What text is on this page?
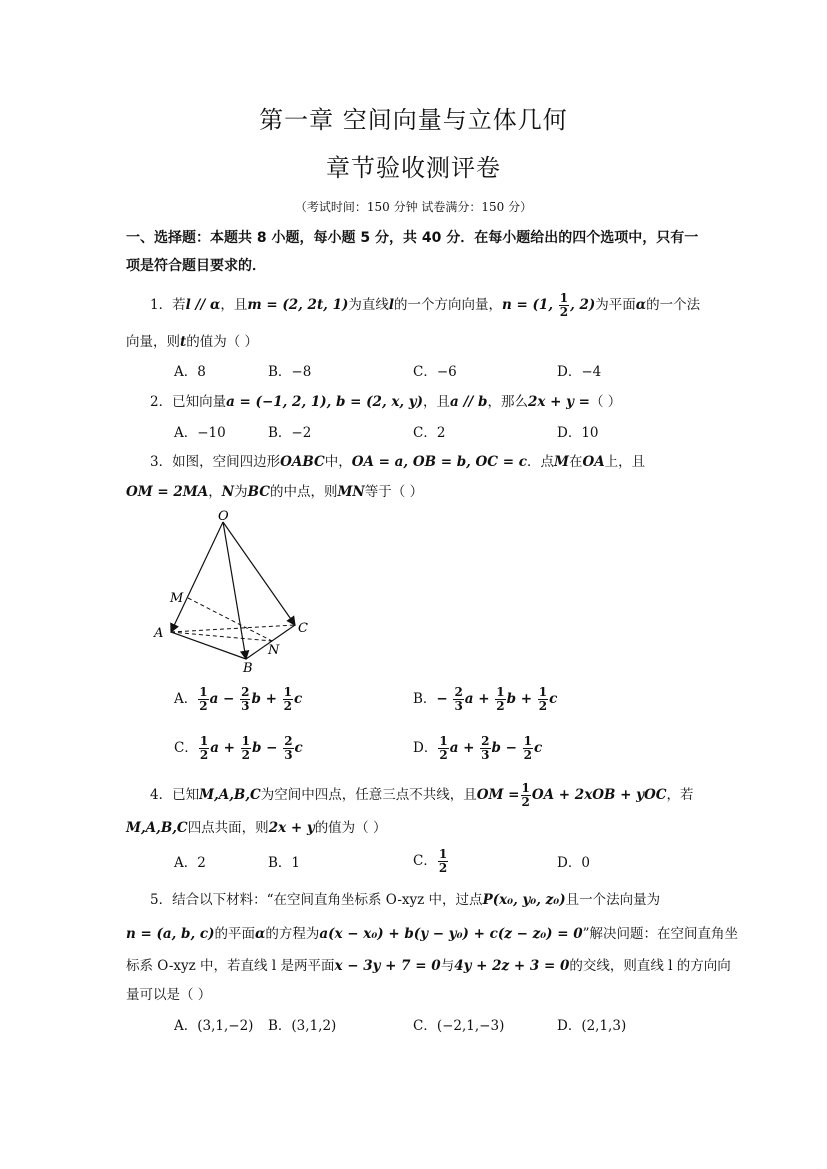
第一章 空间向量与立体几何
章节验收测评卷
（考试时间：150 分钟 试卷满分：150 分）
一、选择题：本题共 8 小题，每小题 5 分，共 40 分．在每小题给出的四个选项中，只有一
项是符合题目要求的．
1．若l // α，且m = (2, 2t, 1)为直线l的一个方向向量，n = (1, $\frac{1}{2}$ , 2)为平面α的一个法
向量，则t的值为（ ）
A．8	B．−8	C．−6	D．−4
2．已知向量a = (−1, 2, 1), b = (2, x, y)，且a // b，那么2x + y =（ ）
A．−10	B．−2	C．2	D．10
3．如图，空间四边形OABC中，OA = a, OB = b, OC = c．点M在OA上，且
OM = 2MA，N为BC的中点，则MN等于（ ）
O
M
A
B
C
N
A． $\frac{1}{2}$ $a - \frac{2}{3}$ $b + \frac{1}{2}$ c	B．− $\frac{2}{3}$ $a + \frac{1}{2}$ $b + \frac{1}{2}$ c
C． $\frac{1}{2}$ $a + \frac{1}{2}$ $b - \frac{2}{3}$ c	D． $\frac{1}{2}$ $a + \frac{2}{3}$ $b - \frac{1}{2}$ c
4．已知M,A,B,C为空间中四点，任意三点不共线，且OM = $\frac{1}{2}$ OA + 2xOB + yOC，若
M,A,B,C四点共面，则2x + y的值为（ ）
A．2	B．1	C． $\frac{1}{2}$	D．0
5．结合以下材料：“在空间直角坐标系 O-xyz 中，过点P(x₀, y₀, z₀)且一个法向量为
n = (a, b, c)的平面α的方程为a(x − x₀) + b(y − y₀) + c(z − z₀) = 0”解决问题：在空间直角坐
标系 O-xyz 中，若直线 l 是两平面x − 3y + 7 = 0与4y + 2z + 3 = 0的交线，则直线 l 的方向向
量可以是（ ）
A．(3,1,−2) B．(3,1,2)	C．(−2,1,−3)	D．(2,1,3)
